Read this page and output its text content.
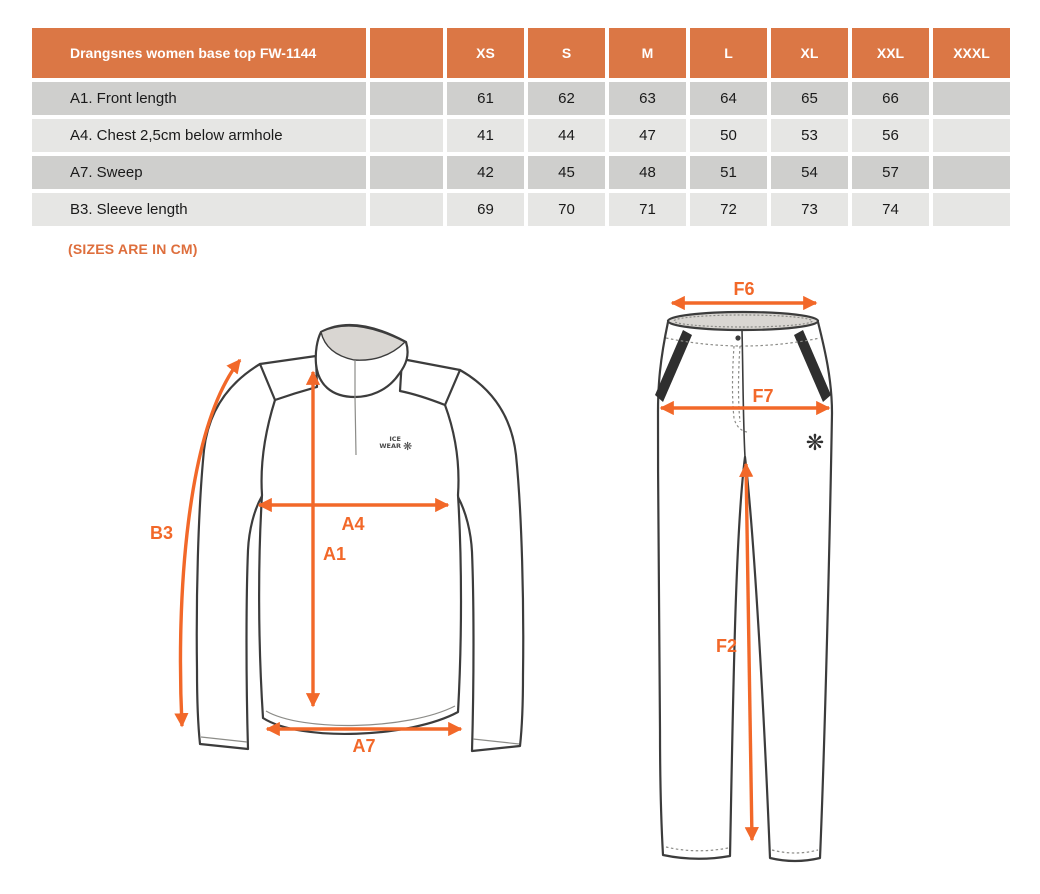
Drangsnes women base top FW-1144		XS	S	M	L	XL	XXL	XXXL
A1. Front length		61	62	63	64	65	66	
A4. Chest 2,5cm below armhole		41	44	47	50	53	56	
A7. Sweep		42	45	48	51	54	57	
B3. Sleeve length		69	70	71	72	73	74	
(SIZES ARE IN CM)
ICE
WEAR ❋
B3	A4
A1
A7
❋
F6
F7
F2
